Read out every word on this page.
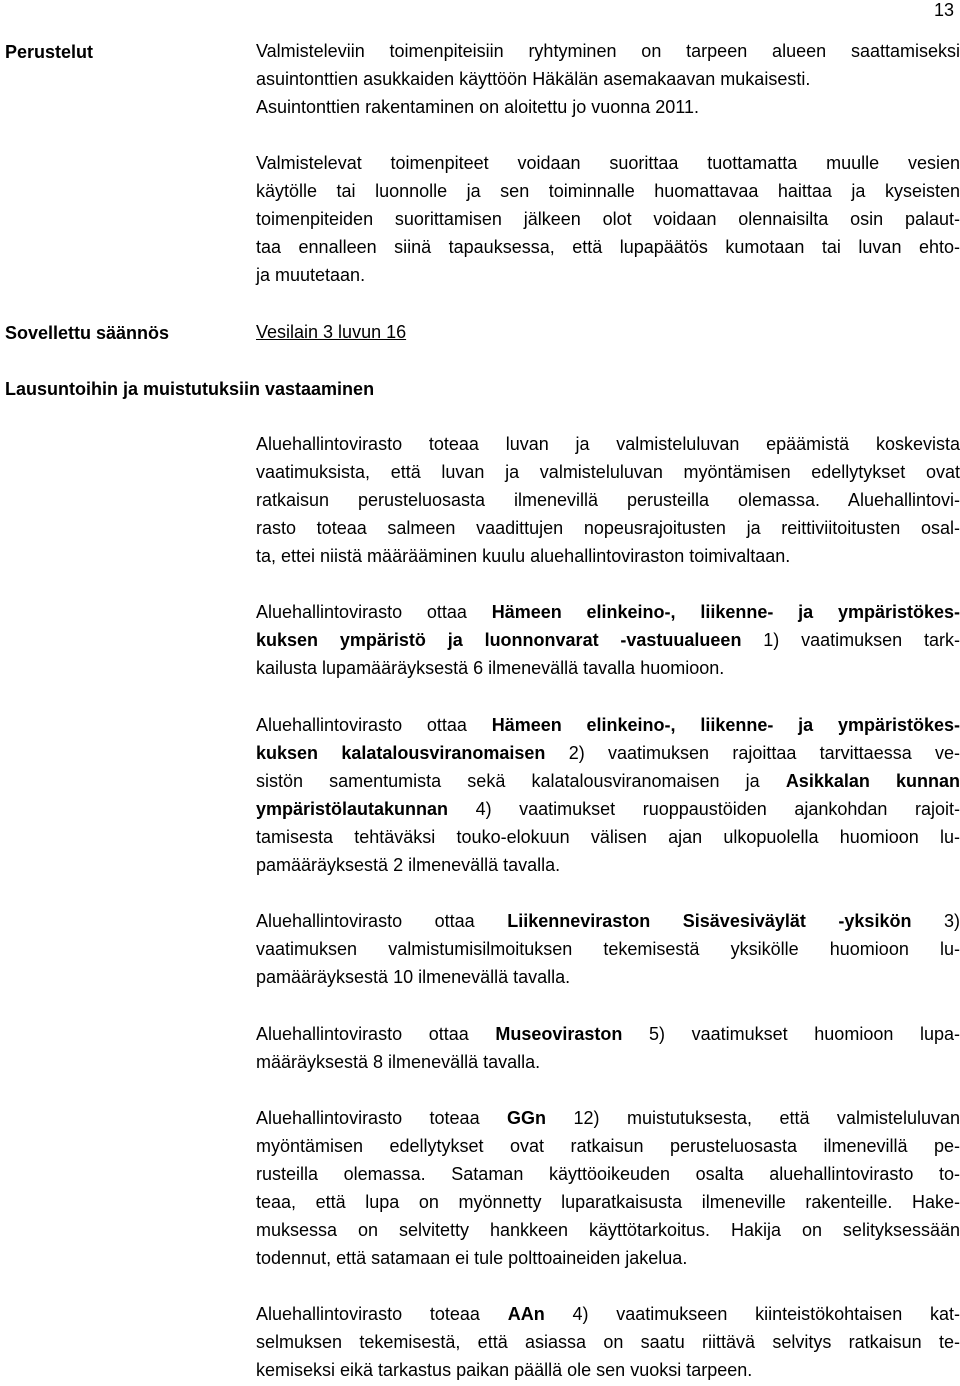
13
Perustelut	Valmisteleviin toimenpiteisiin ryhtyminen on tarpeen alueen saattamiseksi
asuintonttien asukkaiden käyttöön Häkälän asemakaavan mukaisesti.
Asuintonttien rakentaminen on aloitettu jo vuonna 2011.
Valmistelevat toimenpiteet voidaan suorittaa tuottamatta muulle vesien
käytölle tai luonnolle ja sen toiminnalle huomattavaa haittaa ja kyseisten
toimenpiteiden suorittamisen jälkeen olot voidaan olennaisilta osin palaut-
taa ennalleen siinä tapauksessa, että lupapäätös kumotaan tai luvan ehto-
ja muutetaan.
Sovellettu säännös	Vesilain 3 luvun 16
Lausuntoihin ja muistutuksiin vastaaminen
Aluehallintovirasto toteaa luvan ja valmisteluluvan epäämistä koskevista
vaatimuksista, että luvan ja valmisteluluvan myöntämisen edellytykset ovat
ratkaisun perusteluosasta ilmenevillä perusteilla olemassa. Aluehallintovi-
rasto toteaa salmeen vaadittujen nopeusrajoitusten ja reittiviitoitusten osal-
ta, ettei niistä määrääminen kuulu aluehallintoviraston toimivaltaan.
Aluehallintovirasto ottaa Hämeen elinkeino-, liikenne- ja ympäristökes-
kuksen ympäristö ja luonnonvarat -vastuualueen 1) vaatimuksen tark-
kailusta lupamääräyksestä 6 ilmenevällä tavalla huomioon.
Aluehallintovirasto ottaa Hämeen elinkeino-, liikenne- ja ympäristökes-
kuksen kalatalousviranomaisen 2) vaatimuksen rajoittaa tarvittaessa ve-
sistön samentumista sekä kalatalousviranomaisen ja Asikkalan kunnan
ympäristölautakunnan 4) vaatimukset ruoppaustöiden ajankohdan rajoit-
tamisesta tehtäväksi touko-elokuun välisen ajan ulkopuolella huomioon lu-
pamääräyksestä 2 ilmenevällä tavalla.
Aluehallintovirasto ottaa Liikenneviraston Sisävesiväylät -yksikön 3)
vaatimuksen valmistumisilmoituksen tekemisestä yksikölle huomioon lu-
pamääräyksestä 10 ilmenevällä tavalla.
Aluehallintovirasto ottaa Museoviraston 5) vaatimukset huomioon lupa-
määräyksestä 8 ilmenevällä tavalla.
Aluehallintovirasto toteaa GGn 12) muistutuksesta, että valmisteluluvan
myöntämisen edellytykset ovat ratkaisun perusteluosasta ilmenevillä pe-
rusteilla olemassa. Sataman käyttöoikeuden osalta aluehallintovirasto to-
teaa, että lupa on myönnetty luparatkaisusta ilmeneville rakenteille. Hake-
muksessa on selvitetty hankkeen käyttötarkoitus. Hakija on selityksessään
todennut, että satamaan ei tule polttoaineiden jakelua.
Aluehallintovirasto toteaa AAn 4) vaatimukseen kiinteistökohtaisen kat-
selmuksen tekemisestä, että asiassa on saatu riittävä selvitys ratkaisun te-
kemiseksi eikä tarkastus paikan päällä ole sen vuoksi tarpeen.
